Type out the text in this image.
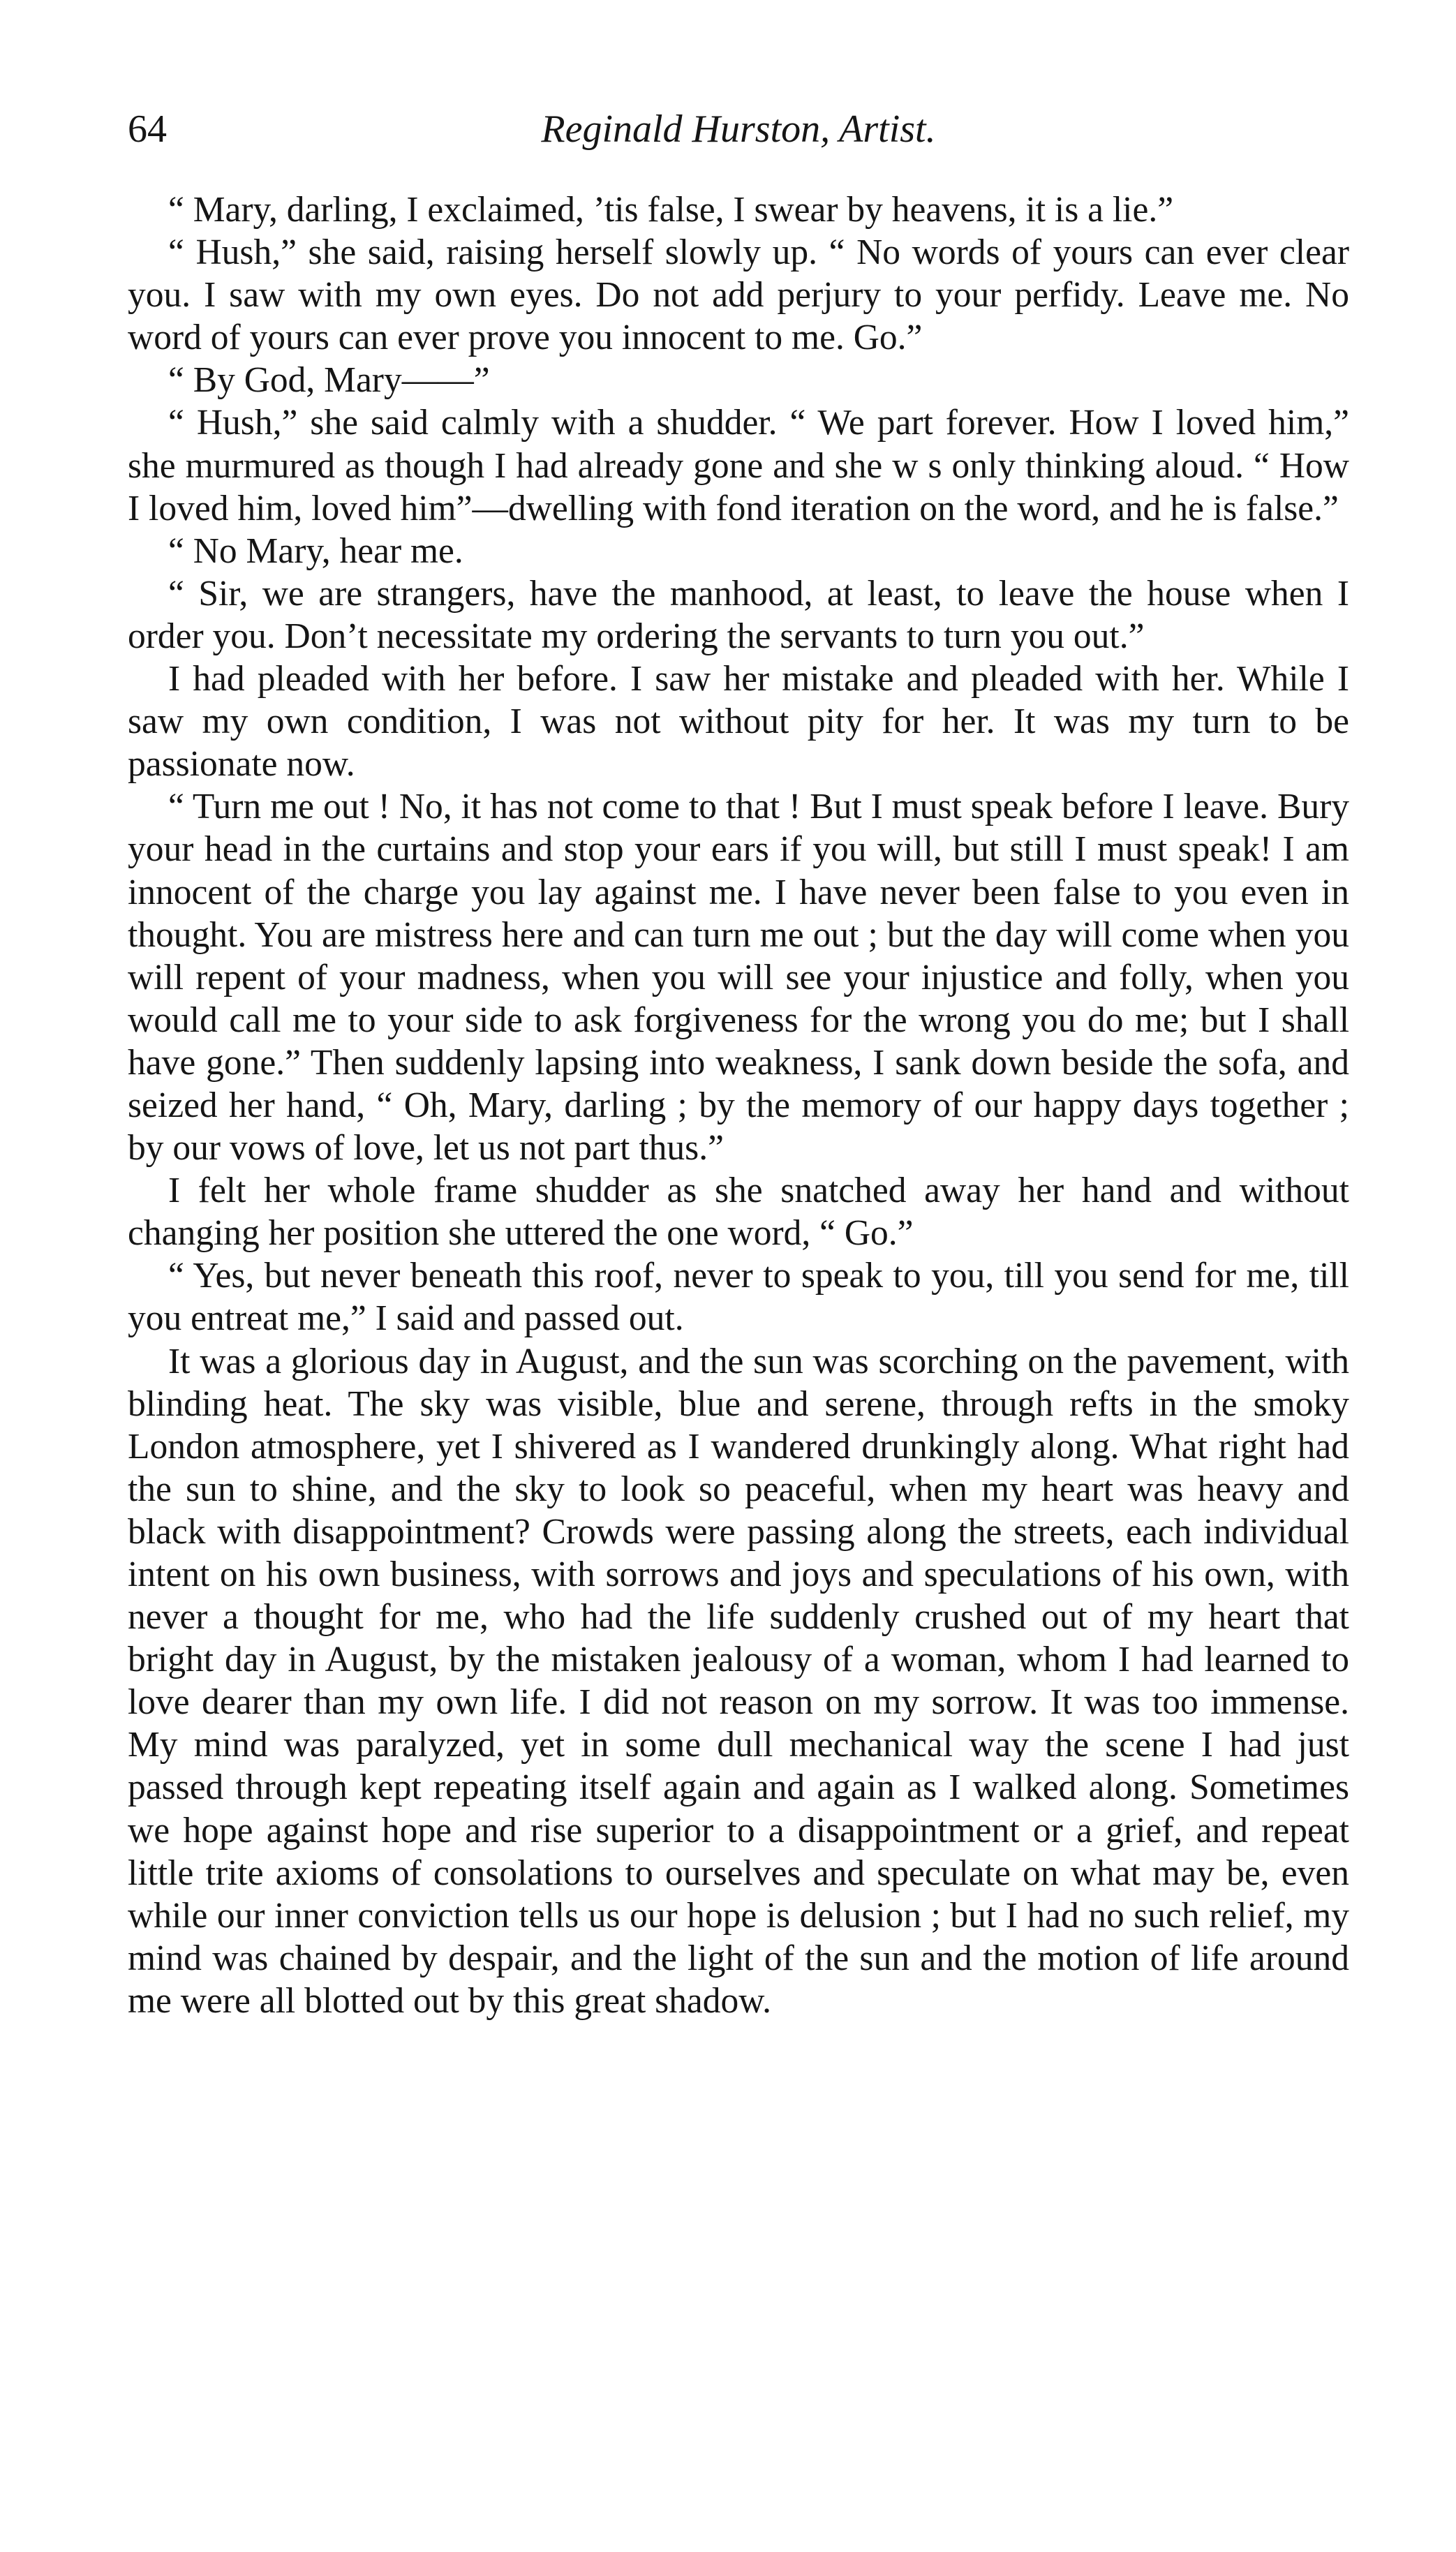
64	Reginald Hurston, Artist.

“ Mary, darling, I exclaimed, ’tis false, I swear by heavens, it is a lie.”

“ Hush,” she said, raising herself slowly up. “ No words of yours can ever clear you. I saw with my own eyes. Do not add perjury to your perfidy. Leave me. No word of yours can ever prove you innocent to me. Go.”

“ By God, Mary——”

“ Hush,” she said calmly with a shudder. “ We part forever. How I loved him,” she murmured as though I had already gone and she w s only thinking aloud. “ How I loved him, loved him”—dwelling with fond iteration on the word, and he is false.”

“ No Mary, hear me.

“ Sir, we are strangers, have the manhood, at least, to leave the house when I order you. Don’t necessitate my ordering the servants to turn you out.”

I had pleaded with her before. I saw her mistake and pleaded with her. While I saw my own condition, I was not without pity for her. It was my turn to be passionate now.

“ Turn me out ! No, it has not come to that ! But I must speak before I leave. Bury your head in the curtains and stop your ears if you will, but still I must speak! I am innocent of the charge you lay against me. I have never been false to you even in thought. You are mistress here and can turn me out ; but the day will come when you will repent of your madness, when you will see your injustice and folly, when you would call me to your side to ask forgiveness for the wrong you do me; but I shall have gone.” Then suddenly lapsing into weakness, I sank down beside the sofa, and seized her hand, “ Oh, Mary, darling ; by the memory of our happy days together ; by our vows of love, let us not part thus.”

I felt her whole frame shudder as she snatched away her hand and without changing her position she uttered the one word, “ Go.”

“ Yes, but never beneath this roof, never to speak to you, till you send for me, till you entreat me,” I said and passed out.

It was a glorious day in August, and the sun was scorching on the pavement, with blinding heat. The sky was visible, blue and serene, through refts in the smoky London atmosphere, yet I shivered as I wandered drunkingly along. What right had the sun to shine, and the sky to look so peaceful, when my heart was heavy and black with disappointment? Crowds were passing along the streets, each individual intent on his own business, with sorrows and joys and speculations of his own, with never a thought for me, who had the life suddenly crushed out of my heart that bright day in August, by the mistaken jealousy of a woman, whom I had learned to love dearer than my own life. I did not reason on my sorrow. It was too immense. My mind was paralyzed, yet in some dull mechanical way the scene I had just passed through kept repeating itself again and again as I walked along. Sometimes we hope against hope and rise superior to a disappointment or a grief, and repeat little trite axioms of consolations to ourselves and speculate on what may be, even while our inner conviction tells us our hope is delusion ; but I had no such relief, my mind was chained by despair, and the light of the sun and the motion of life around me were all blotted out by this great shadow.
